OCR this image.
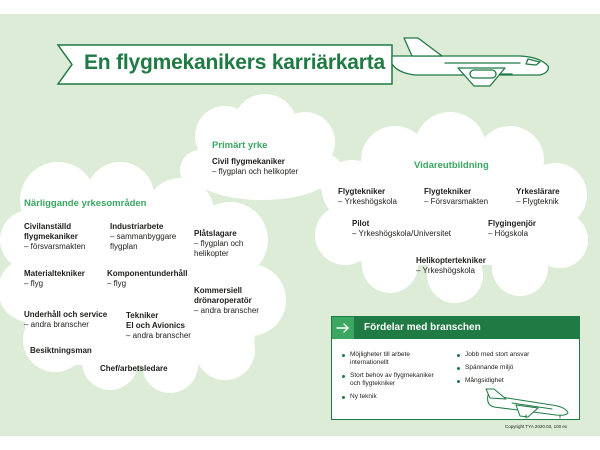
En flygmekanikers karriärkarta
Primärt yrke
Civil flygmekaniker
– flygplan och helikopter
Närliggande yrkesområden
Civilanställd
flygmekaniker
– försvarsmakten
Industriarbete
– sammanbyggare
flygplan
Plåtslagare
– flygplan och
helikopter
Materialtekniker
– flyg
Komponentunderhåll
– flyg
Kommersiell
drönaroperatör
– andra branscher
Underhåll och service
– andra branscher
Tekniker
El och Avionics
– andra branscher
Besiktningsman
Chef/arbetsledare
Vidareutbildning
Flygtekniker
– Yrkeshögskola
Flygtekniker
– Försvarsmakten
Yrkeslärare
– Flygteknik
Pilot
– Yrkeshögskola/Universitet
Flygingenjör
– Högskola
Helikoptertekniker
– Yrkeshögskola
Fördelar med branschen
Möjligheter till arbete
internationellt
Stort behov av flygmekaniker
och flygtekniker
Ny teknik
Jobb med stort ansvar
Spännande miljö
Mångsidighet
Copyright TYA 2020.03, 100 ex
